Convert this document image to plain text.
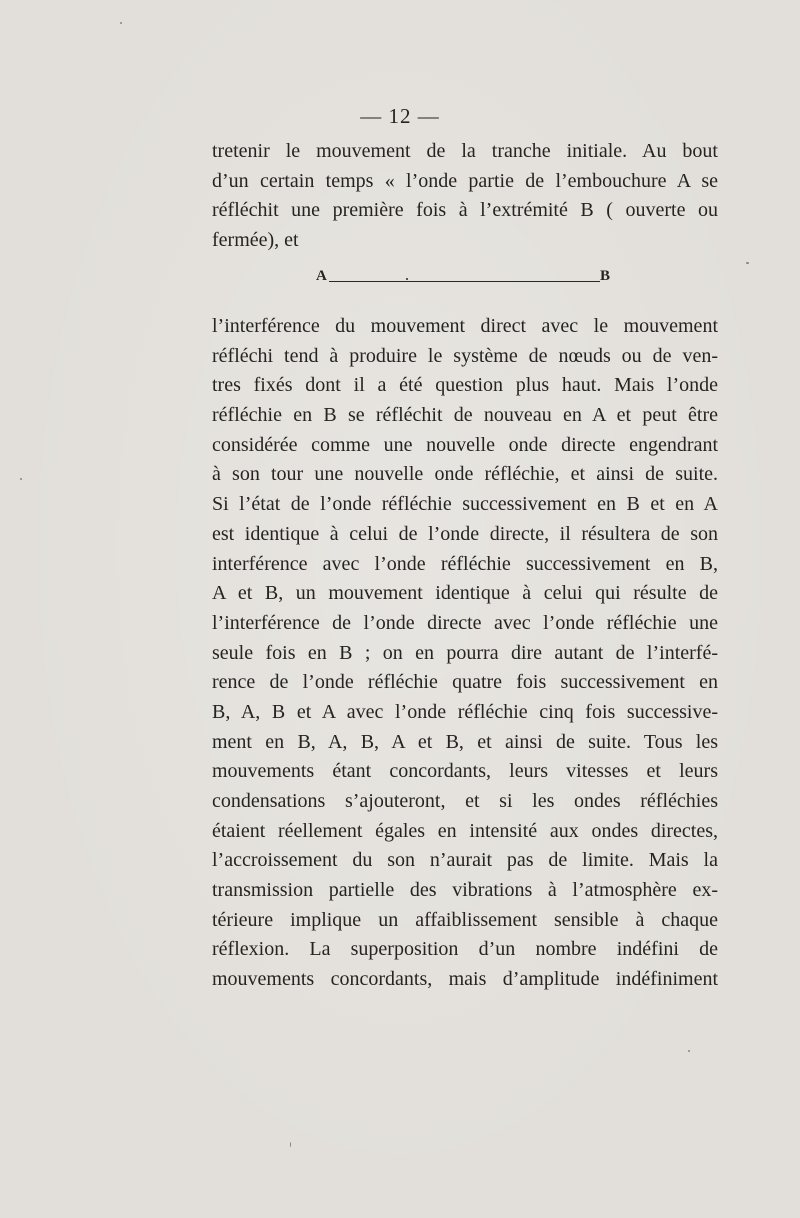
— 12 —
tretenir le mouvement de la tranche initiale. Au bout
d’un certain temps « l’onde partie de l’embouchure A se
réfléchit une première fois à l’extrémité B ( ouverte ou
fermée), et
A	B
l’interférence du mouvement direct avec le mouvement
réfléchi tend à produire le système de nœuds ou de ven-
tres fixés dont il a été question plus haut. Mais l’onde
réfléchie en B se réfléchit de nouveau en A et peut être
considérée comme une nouvelle onde directe engendrant
à son tour une nouvelle onde réfléchie, et ainsi de suite.
Si l’état de l’onde réfléchie successivement en B et en A
est identique à celui de l’onde directe, il résultera de son
interférence avec l’onde réfléchie successivement en B,
A et B, un mouvement identique à celui qui résulte de
l’interférence de l’onde directe avec l’onde réfléchie une
seule fois en B ; on en pourra dire autant de l’interfé-
rence de l’onde réfléchie quatre fois successivement en
B, A, B et A avec l’onde réfléchie cinq fois successive-
ment en B, A, B, A et B, et ainsi de suite. Tous les
mouvements étant concordants, leurs vitesses et leurs
condensations s’ajouteront, et si les ondes réfléchies
étaient réellement égales en intensité aux ondes directes,
l’accroissement du son n’aurait pas de limite. Mais la
transmission partielle des vibrations à l’atmosphère ex-
térieure implique un affaiblissement sensible à chaque
réflexion. La superposition d’un nombre indéfini de
mouvements concordants, mais d’amplitude indéfiniment
